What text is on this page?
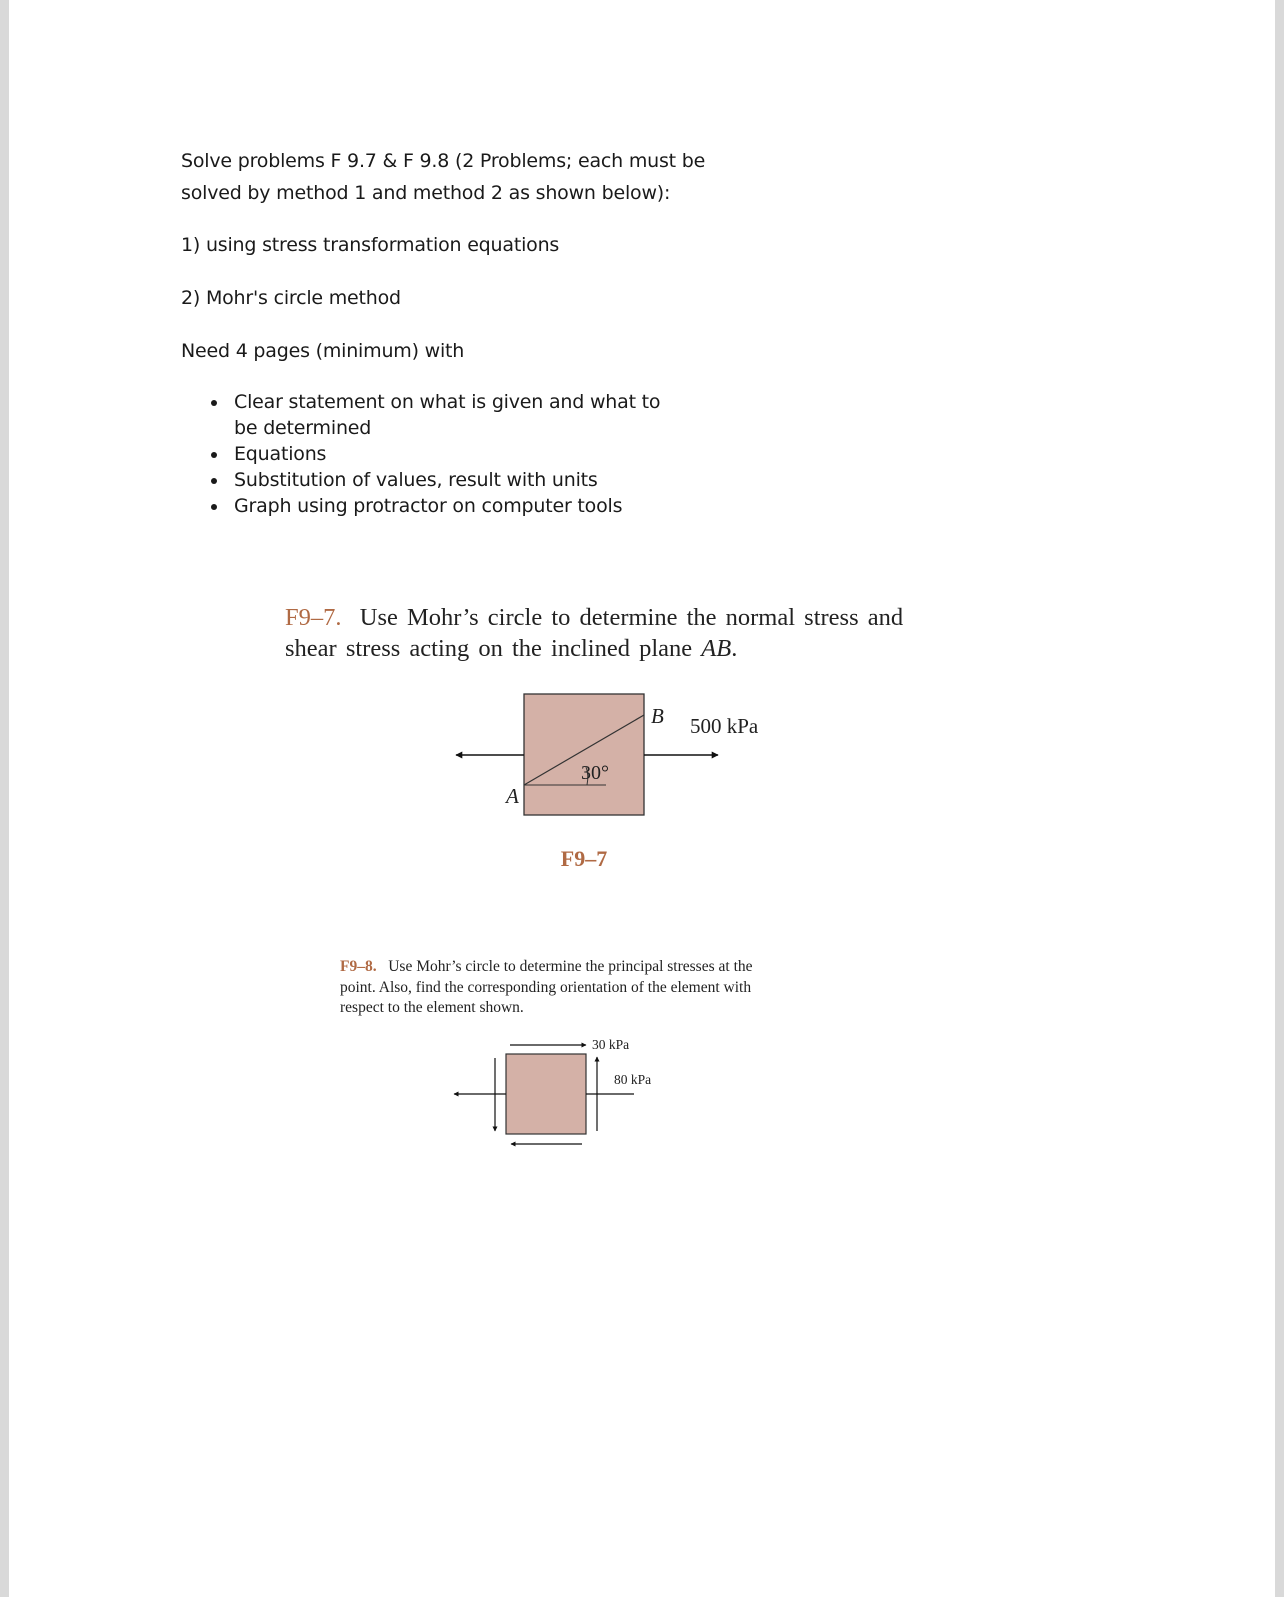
Solve problems F 9.7 & F 9.8 (2 Problems; each must be

solved by method 1 and method 2 as shown below):

1) using stress transformation equations

2) Mohr's circle method

Need 4 pages (minimum) with

Clear statement on what is given and what to be determined
Equations
Substitution of values, result with units
Graph using protractor on computer tools

F9–7. Use Mohr’s circle to determine the normal stress and shear stress acting on the inclined plane AB.

B
A
30°
500 kPa
F9–7

F9–8. Use Mohr’s circle to determine the principal stresses at the point. Also, find the corresponding orientation of the element with respect to the element shown.

30 kPa
80 kPa
